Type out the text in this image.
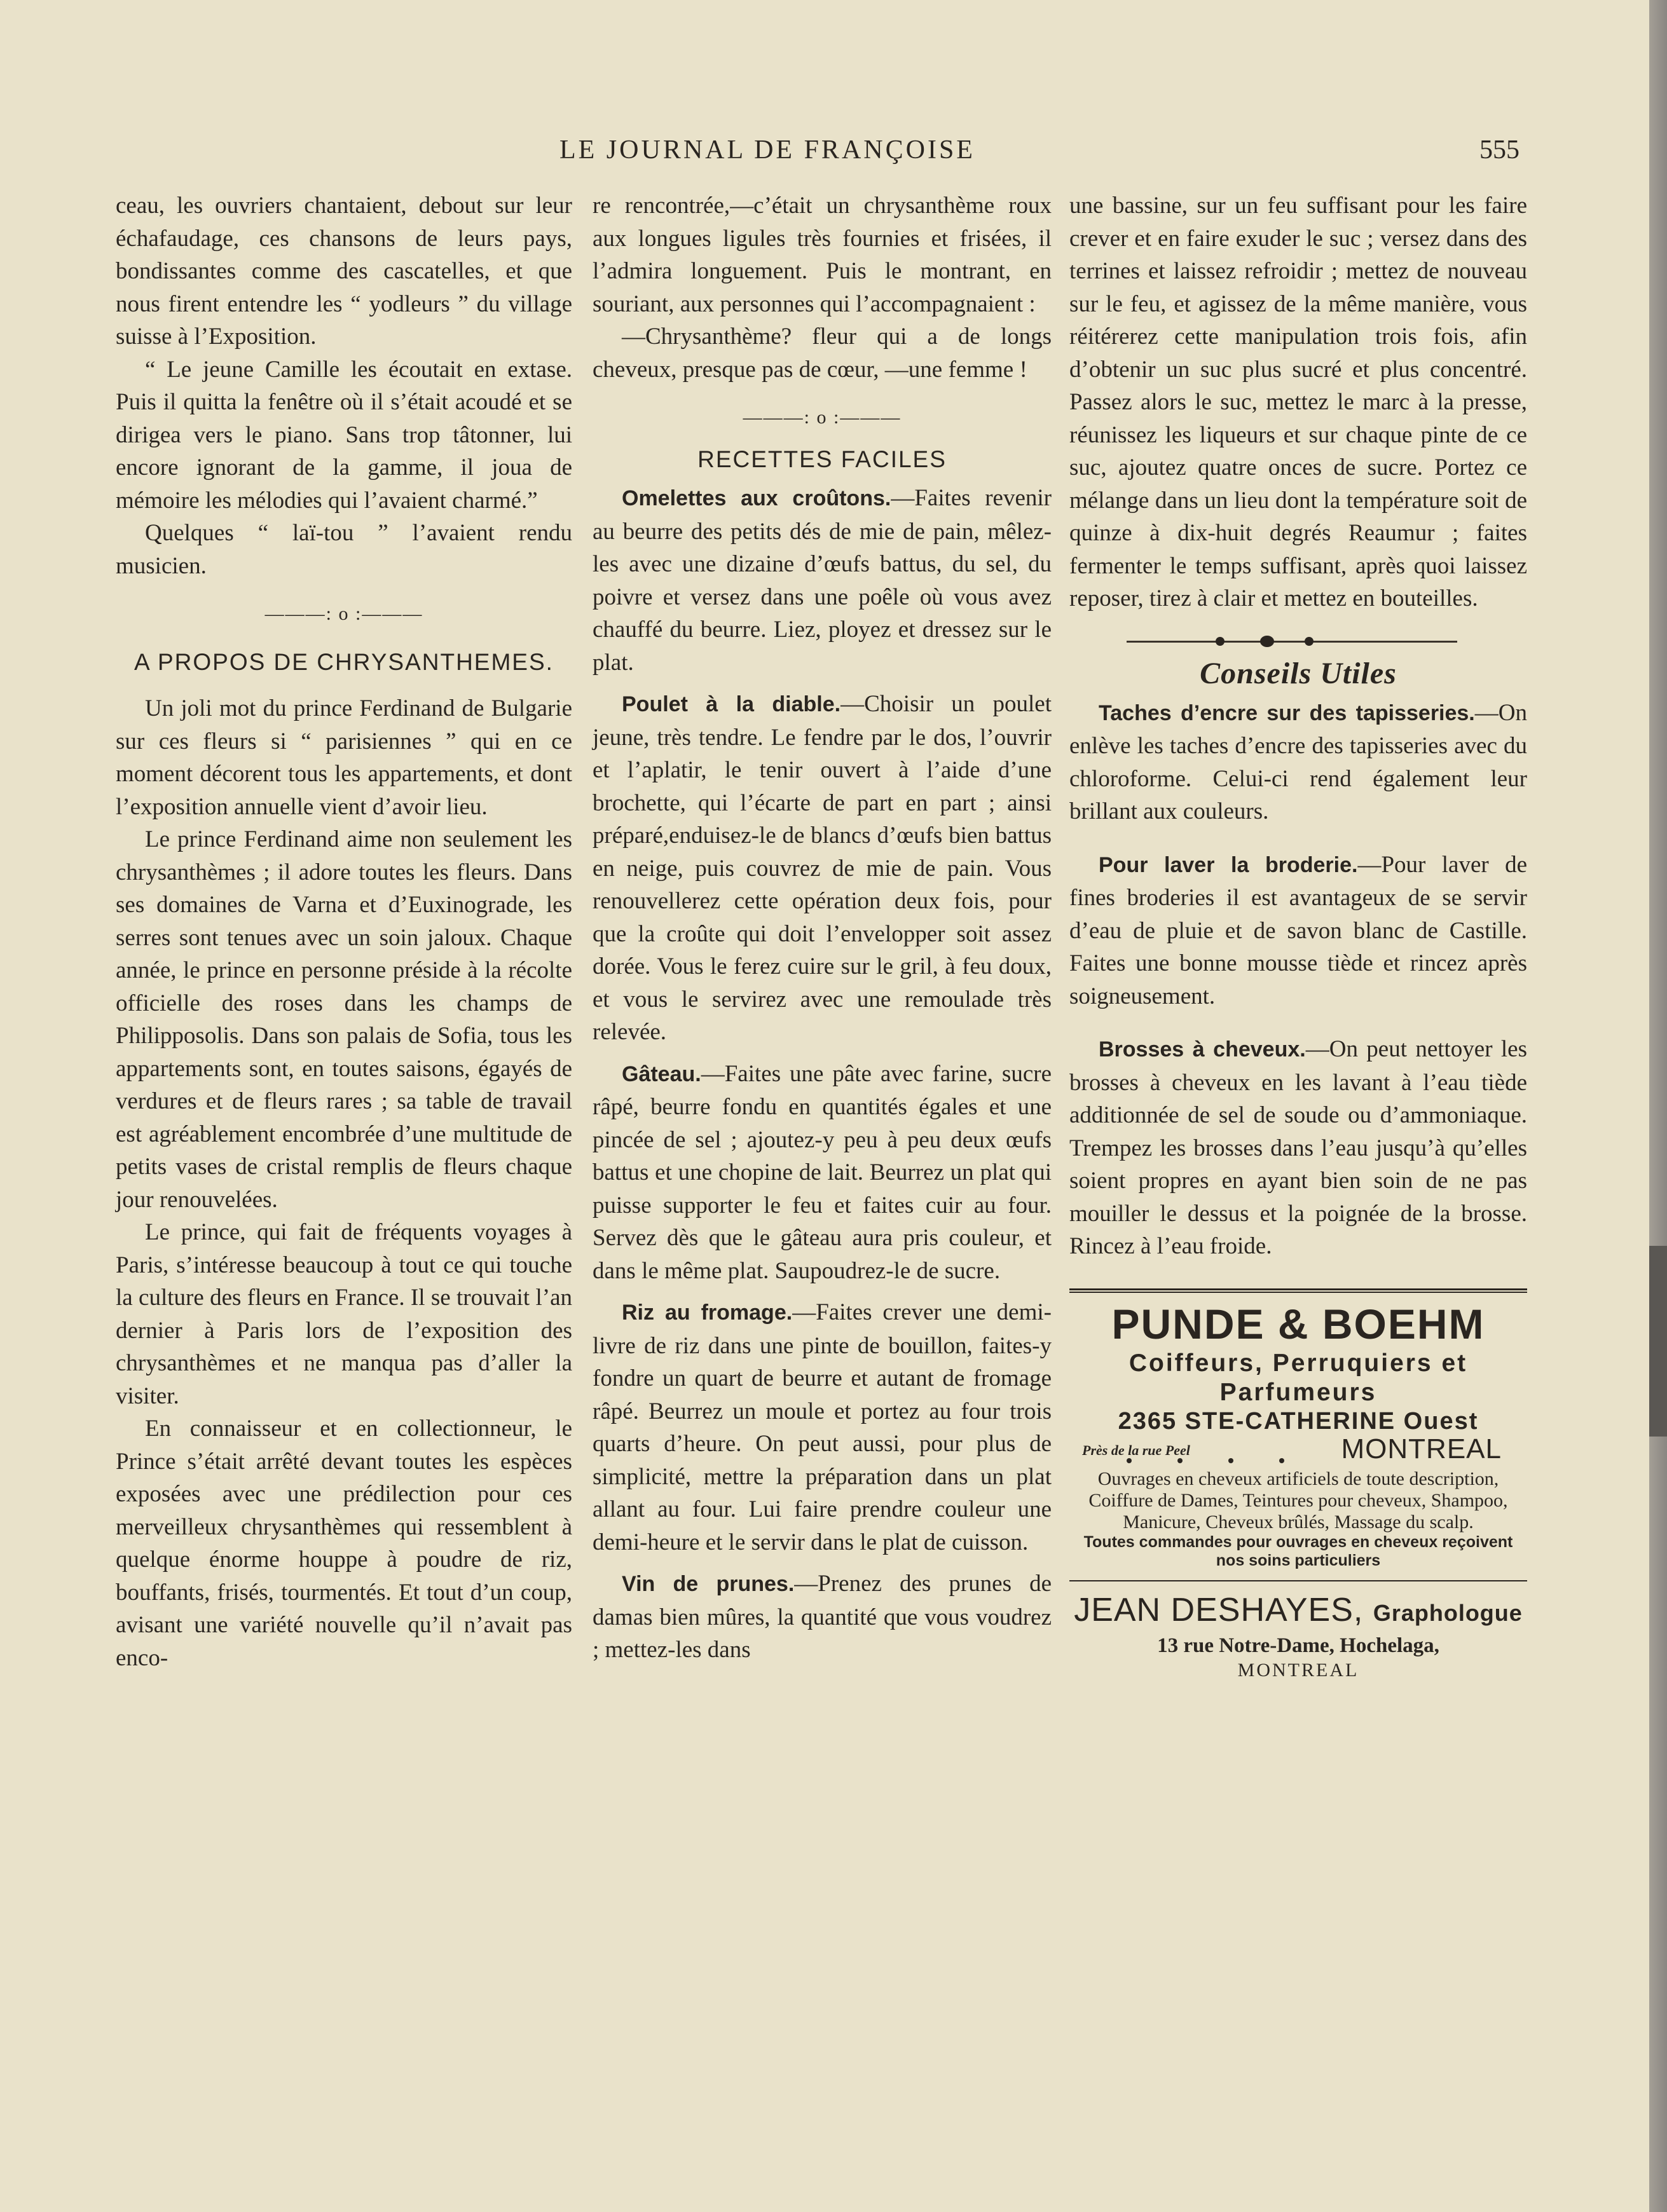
LE JOURNAL DE FRANÇOISE	555

ceau, les ouvriers chantaient, debout sur leur échafaudage, ces chansons de leurs pays, bondissantes comme des cascatelles, et que nous firent entendre les “ yodleurs ” du village suisse à l’Exposition.

“ Le jeune Camille les écoutait en extase. Puis il quitta la fenêtre où il s’était acoudé et se dirigea vers le piano. Sans trop tâtonner, lui encore ignorant de la gamme, il joua de mémoire les mélodies qui l’avaient charmé.”

Quelques “ laï-tou ” l’avaient rendu musicien.

———: o :———
A PROPOS DE CHRYSANTHEMES.

Un joli mot du prince Ferdinand de Bulgarie sur ces fleurs si “ parisiennes ” qui en ce moment décorent tous les appartements, et dont l’exposition annuelle vient d’avoir lieu.

Le prince Ferdinand aime non seulement les chrysanthèmes ; il adore toutes les fleurs. Dans ses domaines de Varna et d’Euxinograde, les serres sont tenues avec un soin jaloux. Chaque année, le prince en personne préside à la récolte officielle des roses dans les champs de Philipposolis. Dans son palais de Sofia, tous les appartements sont, en toutes saisons, égayés de verdures et de fleurs rares ; sa table de travail est agréablement encombrée d’une multitude de petits vases de cristal remplis de fleurs chaque jour renouvelées.

Le prince, qui fait de fréquents voyages à Paris, s’intéresse beaucoup à tout ce qui touche la culture des fleurs en France. Il se trouvait l’an dernier à Paris lors de l’exposition des chrysanthèmes et ne manqua pas d’aller la visiter.

En connaisseur et en collectionneur, le Prince s’était arrêté devant toutes les espèces exposées avec une prédilection pour ces merveilleux chrysanthèmes qui ressemblent à quelque énorme houppe à poudre de riz, bouffants, frisés, tourmentés. Et tout d’un coup, avisant une variété nouvelle qu’il n’avait pas enco-

re rencontrée,—c’était un chrysanthème roux aux longues ligules très fournies et frisées, il l’admira longuement. Puis le montrant, en souriant, aux personnes qui l’accompagnaient :

—Chrysanthème? fleur qui a de longs cheveux, presque pas de cœur, —une femme !

———: o :———
RECETTES FACILES

Omelettes aux croûtons.—Faites revenir au beurre des petits dés de mie de pain, mêlez-les avec une dizaine d’œufs battus, du sel, du poivre et versez dans une poêle où vous avez chauffé du beurre. Liez, ployez et dressez sur le plat.

Poulet à la diable.—Choisir un poulet jeune, très tendre. Le fendre par le dos, l’ouvrir et l’aplatir, le tenir ouvert à l’aide d’une brochette, qui l’écarte de part en part ; ainsi préparé,enduisez-le de blancs d’œufs bien battus en neige, puis couvrez de mie de pain. Vous renouvellerez cette opération deux fois, pour que la croûte qui doit l’envelopper soit assez dorée. Vous le ferez cuire sur le gril, à feu doux, et vous le servirez avec une remoulade très relevée.

Gâteau.—Faites une pâte avec farine, sucre râpé, beurre fondu en quantités égales et une pincée de sel ; ajoutez-y peu à peu deux œufs battus et une chopine de lait. Beurrez un plat qui puisse supporter le feu et faites cuir au four. Servez dès que le gâteau aura pris couleur, et dans le même plat. Saupoudrez-le de sucre.

Riz au fromage.—Faites crever une demi-livre de riz dans une pinte de bouillon, faites-y fondre un quart de beurre et autant de fromage râpé. Beurrez un moule et portez au four trois quarts d’heure. On peut aussi, pour plus de simplicité, mettre la préparation dans un plat allant au four. Lui faire prendre couleur une demi-heure et le servir dans le plat de cuisson.

Vin de prunes.—Prenez des prunes de damas bien mûres, la quantité que vous voudrez ; mettez-les dans

une bassine, sur un feu suffisant pour les faire crever et en faire exuder le suc ; versez dans des terrines et laissez refroidir ; mettez de nouveau sur le feu, et agissez de la même manière, vous réitérerez cette manipulation trois fois, afin d’obtenir un suc plus sucré et plus concentré. Passez alors le suc, mettez le marc à la presse, réunissez les liqueurs et sur chaque pinte de ce suc, ajoutez quatre onces de sucre. Portez ce mélange dans un lieu dont la température soit de quinze à dix-huit degrés Reaumur ; faites fermenter le temps suffisant, après quoi laissez reposer, tirez à clair et mettez en bouteilles.

Conseils Utiles

Taches d’encre sur des tapisseries.—On enlève les taches d’encre des tapisseries avec du chloroforme. Celui-ci rend également leur brillant aux couleurs.

Pour laver la broderie.—Pour laver de fines broderies il est avantageux de se servir d’eau de pluie et de savon blanc de Castille. Faites une bonne mousse tiède et rincez après soigneusement.

Brosses à cheveux.—On peut nettoyer les brosses à cheveux en les lavant à l’eau tiède additionnée de sel de soude ou d’ammoniaque. Trempez les brosses dans l’eau jusqu’à qu’elles soient propres en ayant bien soin de ne pas mouiller le dessus et la poignée de la brosse. Rincez à l’eau froide.

PUNDE & BOEHM
Coiffeurs, Perruquiers et Parfumeurs
2365 STE-CATHERINE Ouest
Près de la rue Peel	MONTREAL
Ouvrages en cheveux artificiels de toute description, Coiffure de Dames, Teintures pour cheveux, Shampoo, Manicure, Cheveux brûlés, Massage du scalp.
Toutes commandes pour ouvrages en cheveux reçoivent nos soins particuliers
JEAN DESHAYES, Graphologue
13 rue Notre-Dame, Hochelaga,
MONTREAL
